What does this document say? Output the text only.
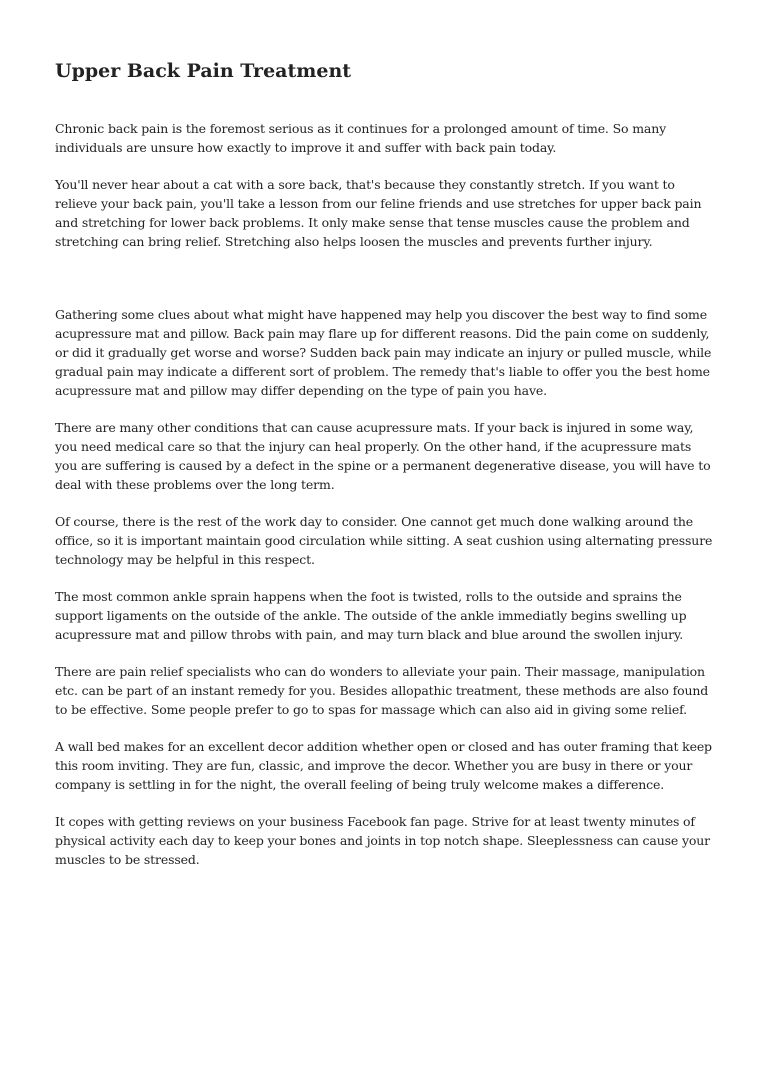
Upper Back Pain Treatment

Chronic back pain is the foremost serious as it continues for a prolonged amount of time. So many individuals are unsure how exactly to improve it and suffer with back pain today.

You'll never hear about a cat with a sore back, that's because they constantly stretch. If you want to relieve your back pain, you'll take a lesson from our feline friends and use stretches for upper back pain and stretching for lower back problems. It only make sense that tense muscles cause the problem and stretching can bring relief. Stretching also helps loosen the muscles and prevents further injury.

Gathering some clues about what might have happened may help you discover the best way to find some acupressure mat and pillow. Back pain may flare up for different reasons. Did the pain come on suddenly, or did it gradually get worse and worse? Sudden back pain may indicate an injury or pulled muscle, while gradual pain may indicate a different sort of problem. The remedy that's liable to offer you the best home acupressure mat and pillow may differ depending on the type of pain you have.

There are many other conditions that can cause acupressure mats. If your back is injured in some way, you need medical care so that the injury can heal properly. On the other hand, if the acupressure mats you are suffering is caused by a defect in the spine or a permanent degenerative disease, you will have to deal with these problems over the long term.

Of course, there is the rest of the work day to consider. One cannot get much done walking around the office, so it is important maintain good circulation while sitting. A seat cushion using alternating pressure technology may be helpful in this respect.

The most common ankle sprain happens when the foot is twisted, rolls to the outside and sprains the support ligaments on the outside of the ankle. The outside of the ankle immediatly begins swelling up acupressure mat and pillow throbs with pain, and may turn black and blue around the swollen injury.

There are pain relief specialists who can do wonders to alleviate your pain. Their massage, manipulation etc. can be part of an instant remedy for you. Besides allopathic treatment, these methods are also found to be effective. Some people prefer to go to spas for massage which can also aid in giving some relief.

A wall bed makes for an excellent decor addition whether open or closed and has outer framing that keep this room inviting. They are fun, classic, and improve the decor. Whether you are busy in there or your company is settling in for the night, the overall feeling of being truly welcome makes a difference.

It copes with getting reviews on your business Facebook fan page. Strive for at least twenty minutes of physical activity each day to keep your bones and joints in top notch shape. Sleeplessness can cause your muscles to be stressed.
